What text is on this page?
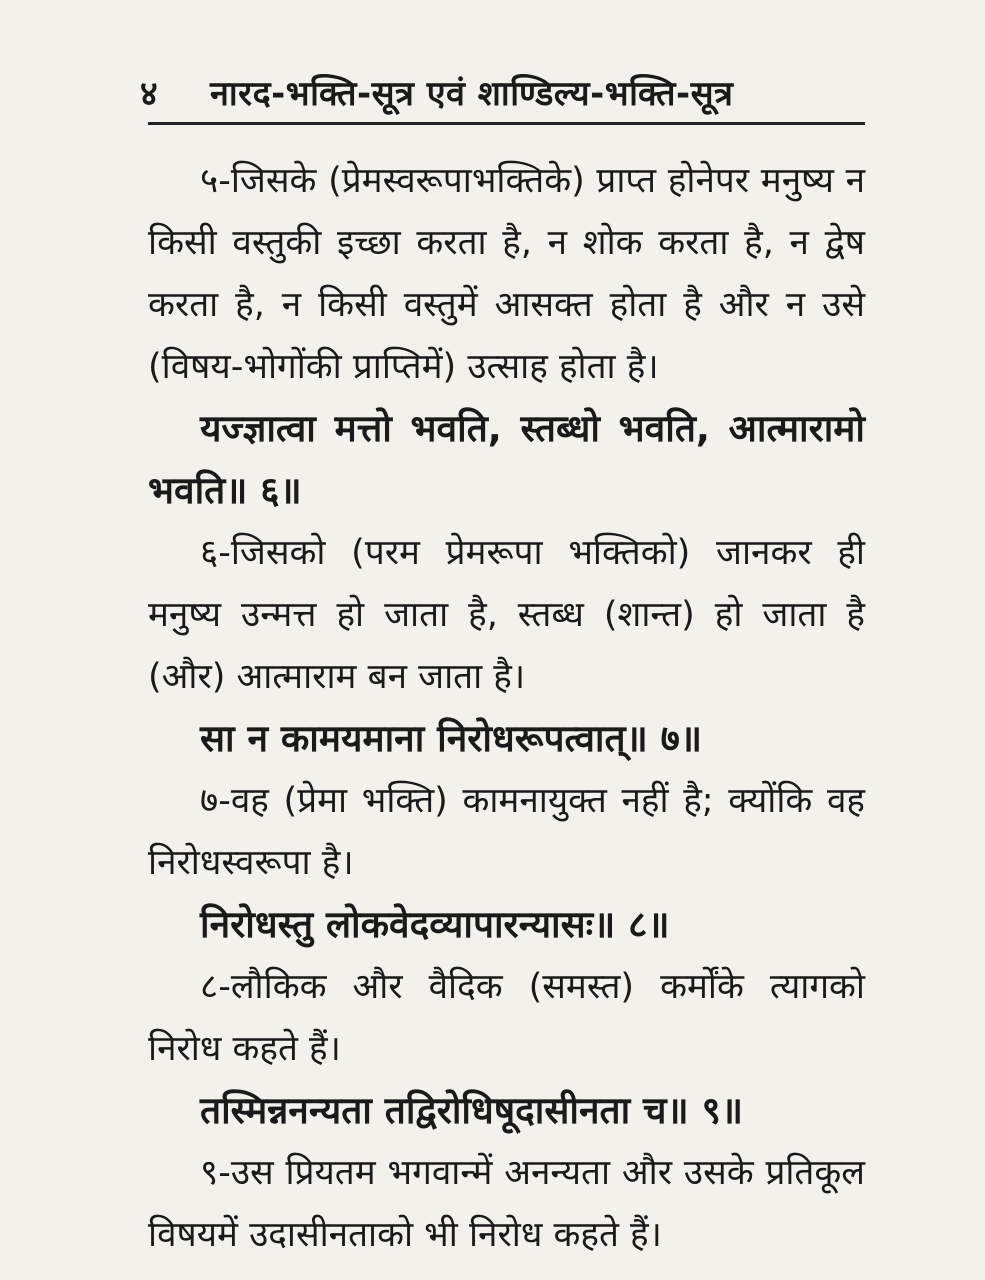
४	नारद-भक्ति-सूत्र एवं शाण्डिल्य-भक्ति-सूत्र

५-जिसके (प्रेमस्वरूपाभक्तिके) प्राप्त होनेपर मनुष्य न किसी वस्तुकी इच्छा करता है, न शोक करता है, न द्वेष करता है, न किसी वस्तुमें आसक्त होता है और न उसे (विषय-भोगोंकी प्राप्तिमें) उत्साह होता है।

यज्ज्ञात्वा मत्तो भवति, स्तब्धो भवति, आत्मारामो भवति॥ ६॥

६-जिसको (परम प्रेमरूपा भक्तिको) जानकर ही मनुष्य उन्मत्त हो जाता है, स्तब्ध (शान्त) हो जाता है (और) आत्माराम बन जाता है।

सा न कामयमाना निरोधरूपत्वात्॥ ७॥

७-वह (प्रेमा भक्ति) कामनायुक्त नहीं है; क्योंकि वह निरोधस्वरूपा है।

निरोधस्तु लोकवेदव्यापारन्यासः॥ ८॥

८-लौकिक और वैदिक (समस्त) कर्मोंके त्यागको निरोध कहते हैं।

तस्मिन्ननन्यता तद्विरोधिषूदासीनता च॥ ९॥

९-उस प्रियतम भगवान्में अनन्यता और उसके प्रतिकूल विषयमें उदासीनताको भी निरोध कहते हैं।
